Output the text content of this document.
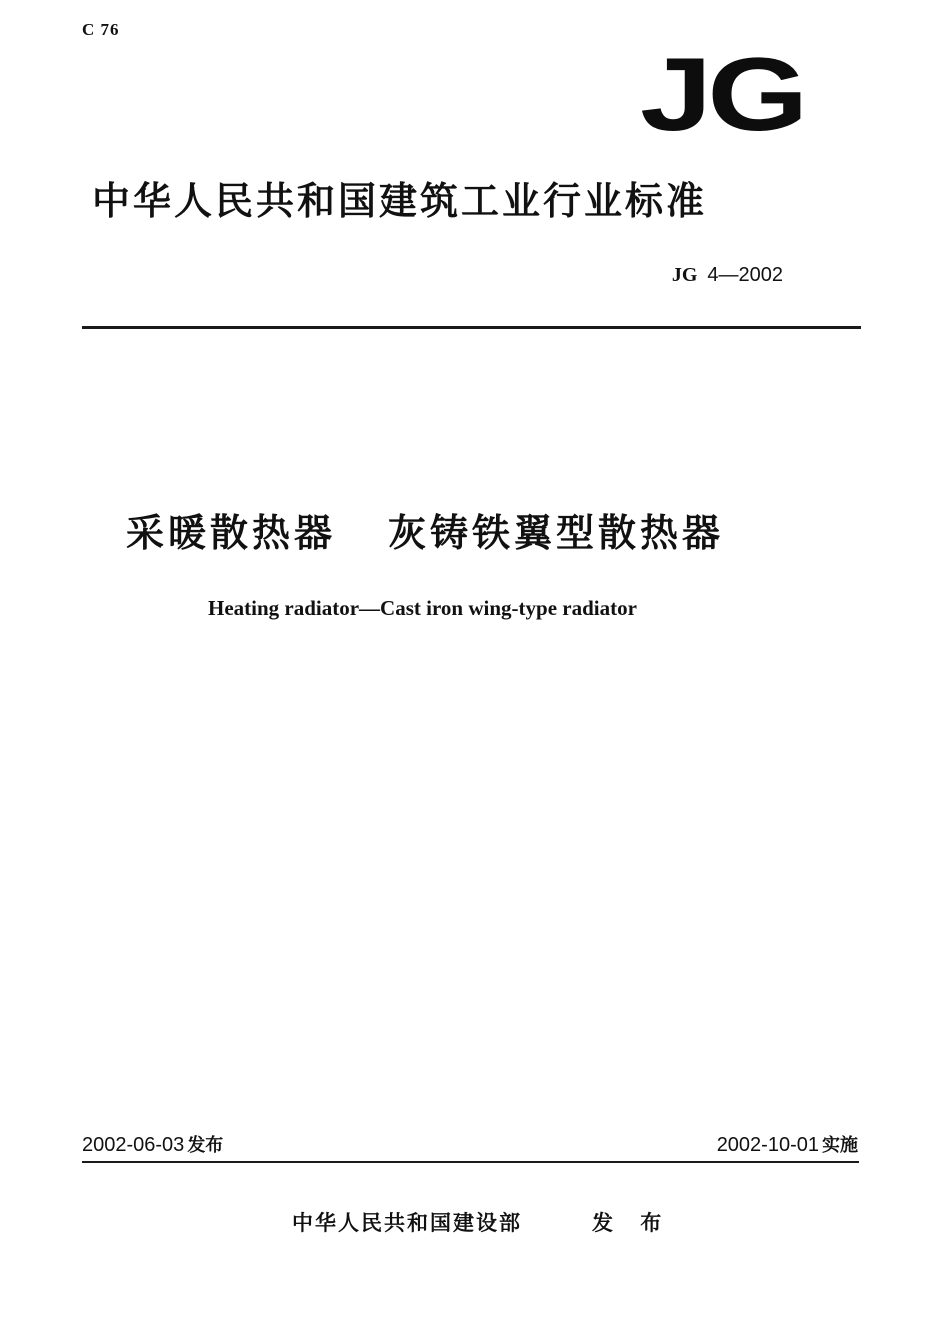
C 76
JG
中华人民共和国建筑工业行业标准
JG 4—2002
采暖散热器 灰铸铁翼型散热器
Heating radiator—Cast iron wing-type radiator
2002-06-03 发布	2002-10-01 实施
中华人民共和国建设部	发 布
